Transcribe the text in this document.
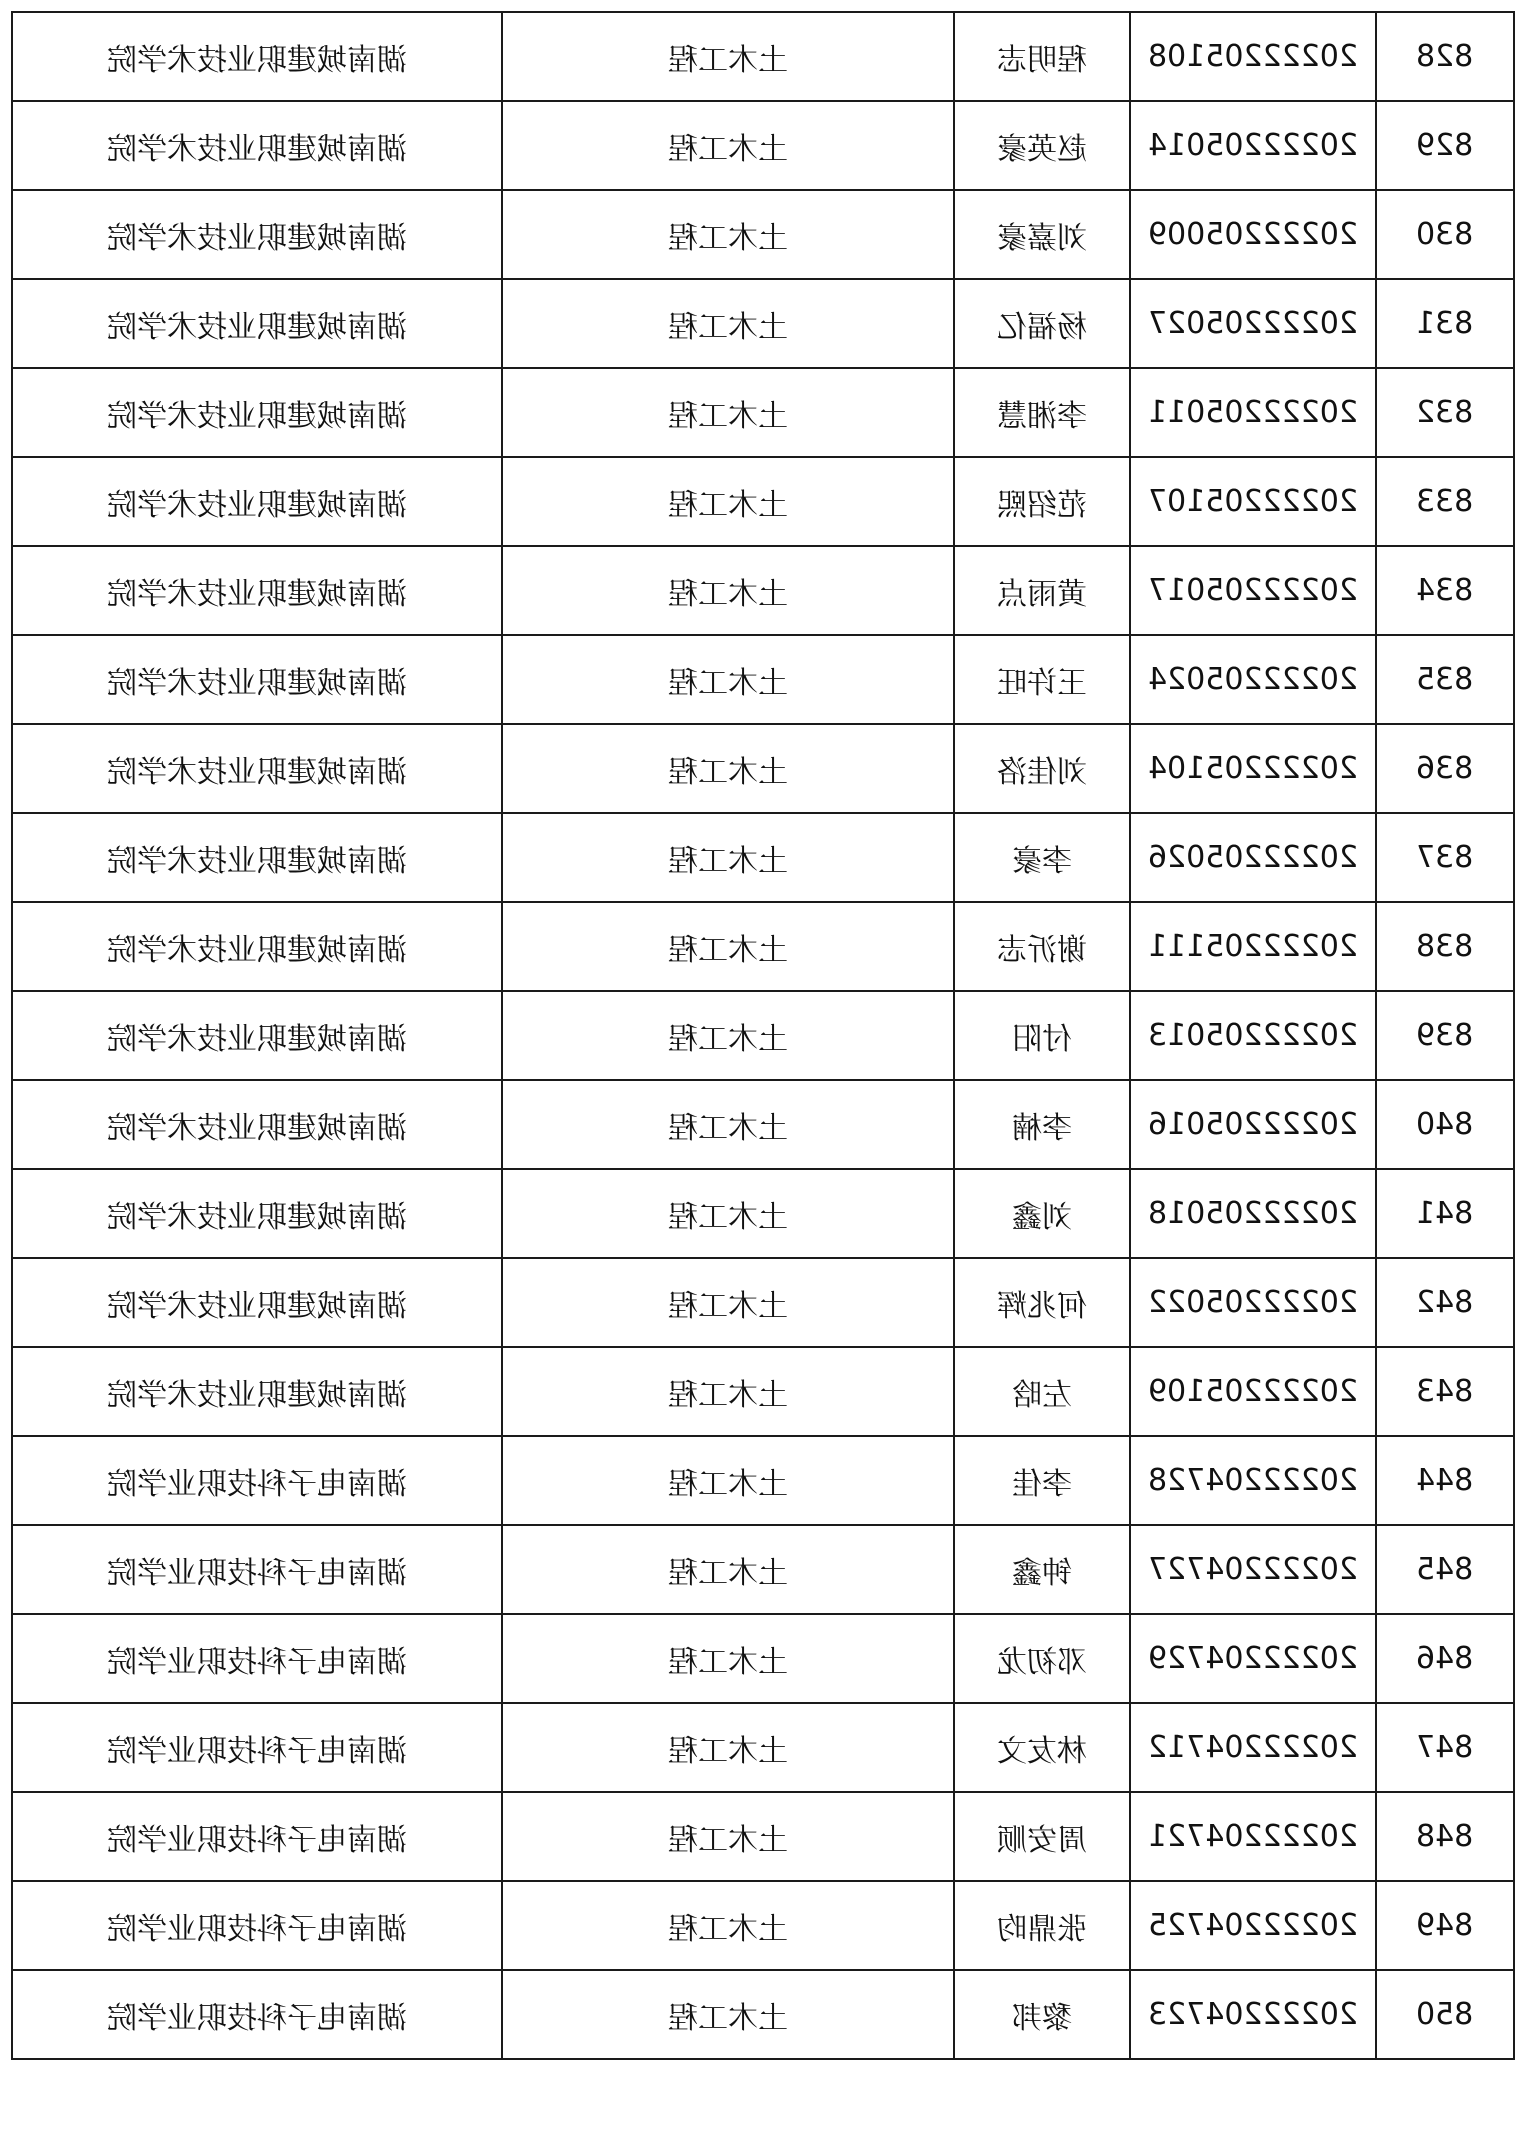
湖南城建职业技术学院	土木工程	程明志	20222205108	828
湖南城建职业技术学院	土木工程	赵英豪	20222205014	829
湖南城建职业技术学院	土木工程	刘嘉豪	20222205009	830
湖南城建职业技术学院	土木工程	杨福亿	20222205027	831
湖南城建职业技术学院	土木工程	李湘慧	20222205011	832
湖南城建职业技术学院	土木工程	范绍熙	20222205107	833
湖南城建职业技术学院	土木工程	黄雨点	20222205017	834
湖南城建职业技术学院	土木工程	王许旺	20222205024	835
湖南城建职业技术学院	土木工程	刘佳洛	20222205104	836
湖南城建职业技术学院	土木工程	李豪	20222205026	837
湖南城建职业技术学院	土木工程	谢沂志	20222205111	838
湖南城建职业技术学院	土木工程	付阳	20222205013	839
湖南城建职业技术学院	土木工程	李楠	20222205016	840
湖南城建职业技术学院	土木工程	刘鑫	20222205018	841
湖南城建职业技术学院	土木工程	何兆辉	20222205022	842
湖南城建职业技术学院	土木工程	左晗	20222205109	843
湖南电子科技职业学院	土木工程	李佳	20222204728	844
湖南电子科技职业学院	土木工程	钟鑫	20222204727	845
湖南电子科技职业学院	土木工程	邓初龙	20222204729	846
湖南电子科技职业学院	土木工程	林友文	20222204712	847
湖南电子科技职业学院	土木工程	周安顺	20222204721	848
湖南电子科技职业学院	土木工程	张鼎昀	20222204725	849
湖南电子科技职业学院	土木工程	黎邦	20222204723	850
